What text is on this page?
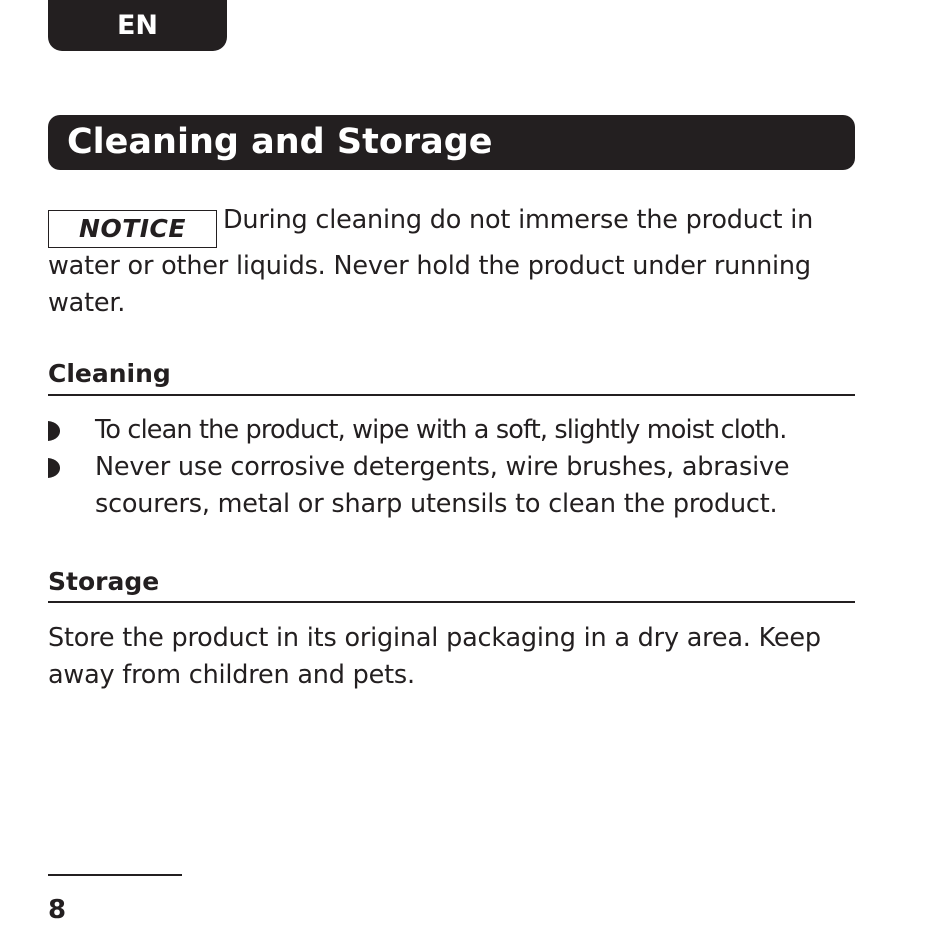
EN
Cleaning and Storage
NOTICE During cleaning do not immerse the product in water or other liquids. Never hold the product under running water.
Cleaning
To clean the product, wipe with a soft, slightly moist cloth.
Never use corrosive detergents, wire brushes, abrasive scourers, metal or sharp utensils to clean the product.
Storage
Store the product in its original packaging in a dry area. Keep away from children and pets.
8
